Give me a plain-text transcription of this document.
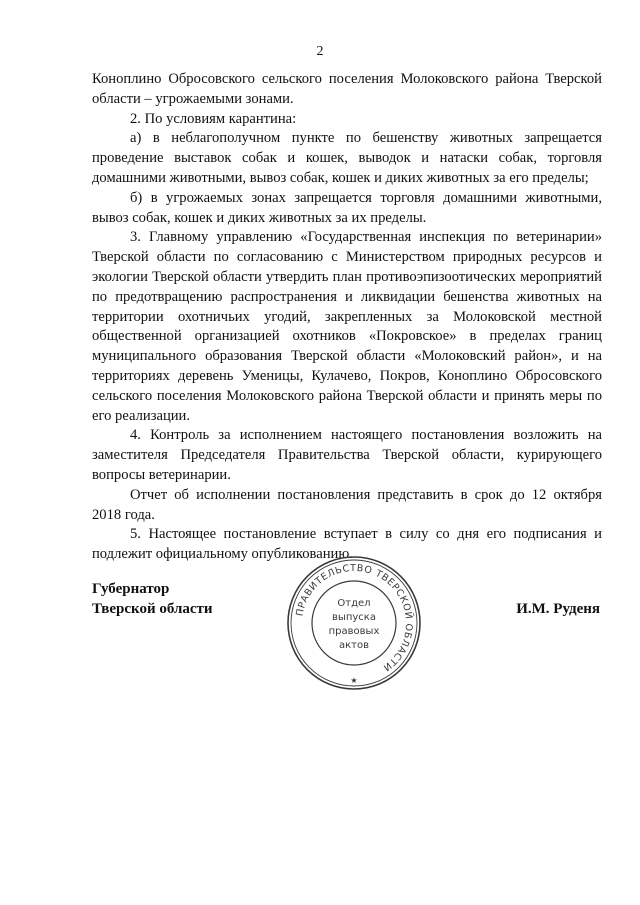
2

Коноплино Обросовского сельского поселения Молоковского района Тверской области – угрожаемыми зонами.

2. По условиям карантина:

а) в неблагополучном пункте по бешенству животных запрещается проведение выставок собак и кошек, выводок и натаски собак, торговля домашними животными, вывоз собак, кошек и диких животных за его пределы;

б) в угрожаемых зонах запрещается торговля домашними животными, вывоз собак, кошек и диких животных за их пределы.

3. Главному управлению «Государственная инспекция по ветеринарии» Тверской области по согласованию с Министерством природных ресурсов и экологии Тверской области утвердить план противоэпизоотических мероприятий по предотвращению распространения и ликвидации бешенства животных на территории охотничьих угодий, закрепленных за Молоковской местной общественной организацией охотников «Покровское» в пределах границ муниципального образования Тверской области «Молоковский район», и на территориях деревень Уменицы, Кулачево, Покров, Коноплино Обросовского сельского поселения Молоковского района Тверской области и принять меры по его реализации.

4. Контроль за исполнением настоящего постановления возложить на заместителя Председателя Правительства Тверской области, курирующего вопросы ветеринарии.

Отчет об исполнении постановления представить в срок до 12 октября 2018 года.

5. Настоящее постановление вступает в силу со дня его подписания и подлежит официальному опубликованию.

Губернатор
Тверской области	ПРАВИТЕЛЬСТВО ТВЕРСКОЙ ОБЛАСТИ
★
Отдел
выпуска
правовых
актов
И.М. Руденя
